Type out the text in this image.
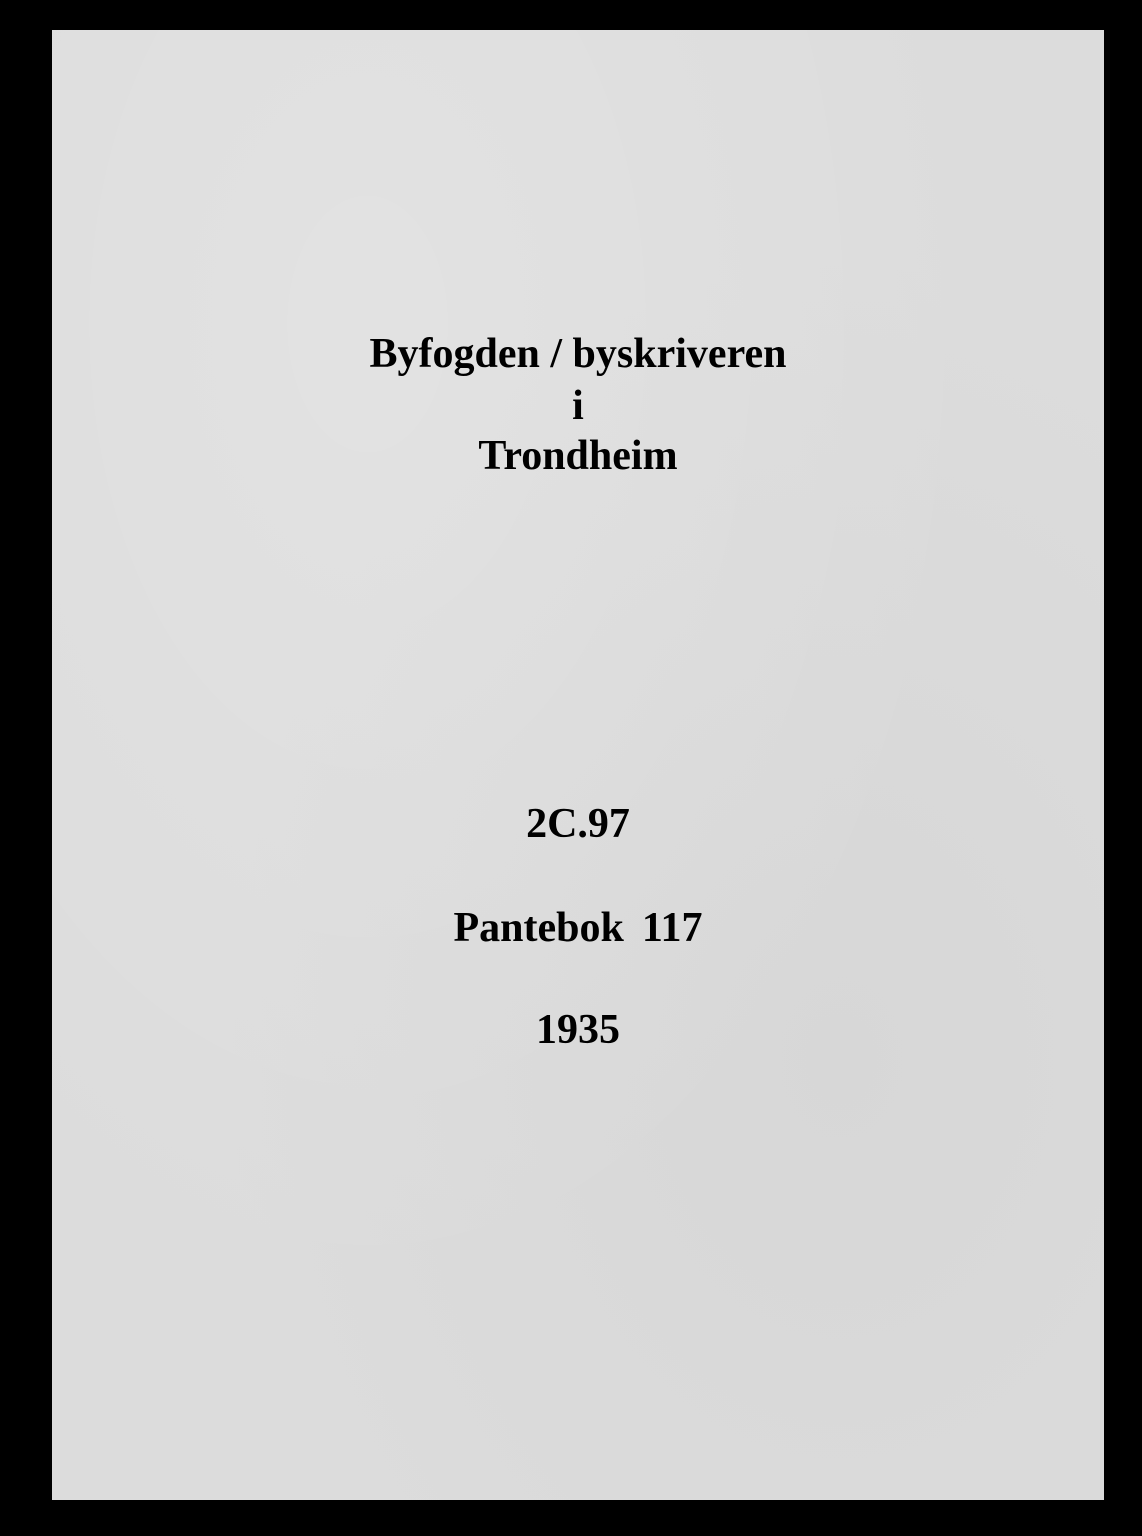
Byfogden / byskriveren
i
Trondheim
2C.97
Pantebok 117
1935
